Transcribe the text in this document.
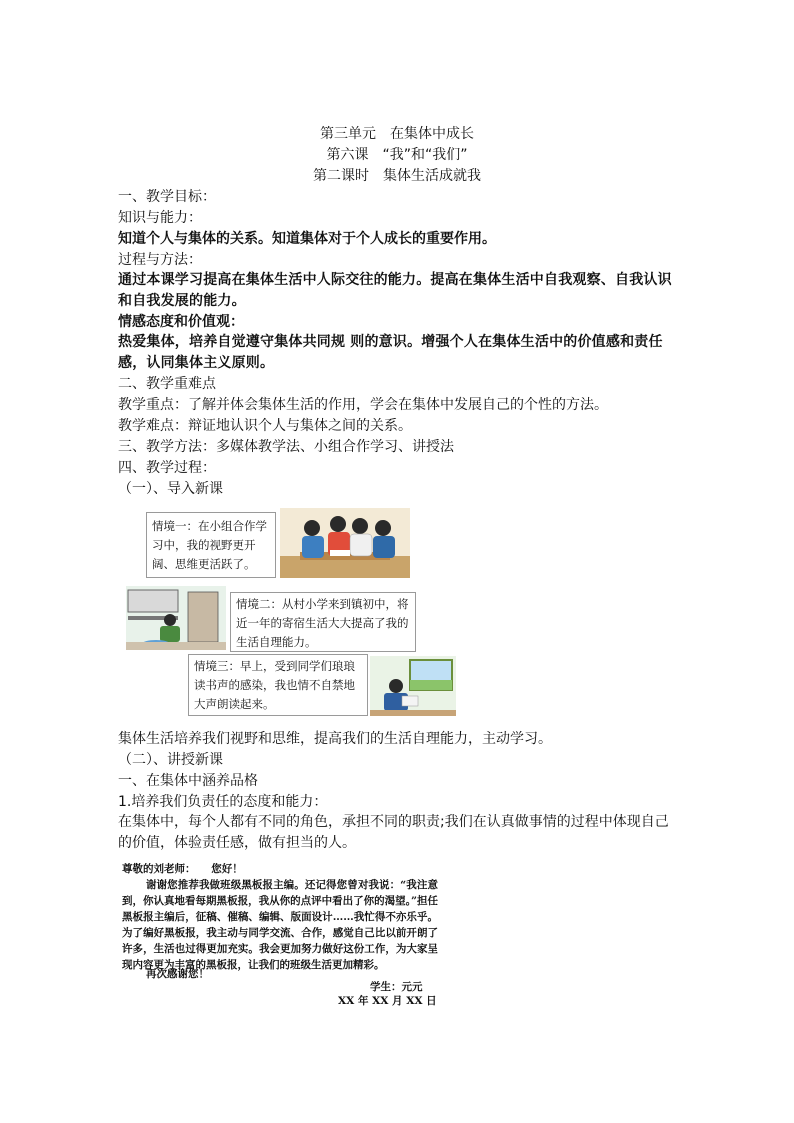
第三单元　在集体中成长
第六课　“我”和“我们”
第二课时　集体生活成就我
一、教学目标：
知识与能力：
知道个人与集体的关系。知道集体对于个人成长的重要作用。
过程与方法：
通过本课学习提高在集体生活中人际交往的能力。提高在集体生活中自我观察、自我认识和自我发展的能力。
情感态度和价值观：
热爱集体，培养自觉遵守集体共同规 则的意识。增强个人在集体生活中的价值感和责任感，认同集体主义原则。
二、教学重难点
教学重点：了解并体会集体生活的作用，学会在集体中发展自己的个性的方法。
教学难点：辩证地认识个人与集体之间的关系。
三、教学方法：多媒体教学法、小组合作学习、讲授法
四、教学过程：
（一）、导入新课
情境一：在小组合作学习中，我的视野更开阔、思维更活跃了。
情境二：从村小学来到镇初中，将近一年的寄宿生活大大提高了我的生活自理能力。
情境三：早上，受到同学们琅琅读书声的感染，我也情不自禁地大声朗读起来。
集体生活培养我们视野和思维，提高我们的生活自理能力，主动学习。
（二）、讲授新课
一、在集体中涵养品格
1.培养我们负责任的态度和能力：
在集体中，每个人都有不同的角色，承担不同的职责;我们在认真做事情的过程中体现自己的价值，体验责任感，做有担当的人。
尊敬的刘老师：　　您好！
谢谢您推荐我做班级黑板报主编。还记得您曾对我说：“我注意到，你认真地看每期黑板报，我从你的点评中看出了你的渴望。”担任黑板报主编后，征稿、催稿、编辑、版面设计……我忙得不亦乐乎。为了编好黑板报，我主动与同学交流、合作，感觉自己比以前开朗了许多，生活也过得更加充实。我会更加努力做好这份工作，为大家呈现内容更为丰富的黑板报，让我们的班级生活更加精彩。
再次感谢您！
学生：元元
XX 年 XX 月 XX 日
